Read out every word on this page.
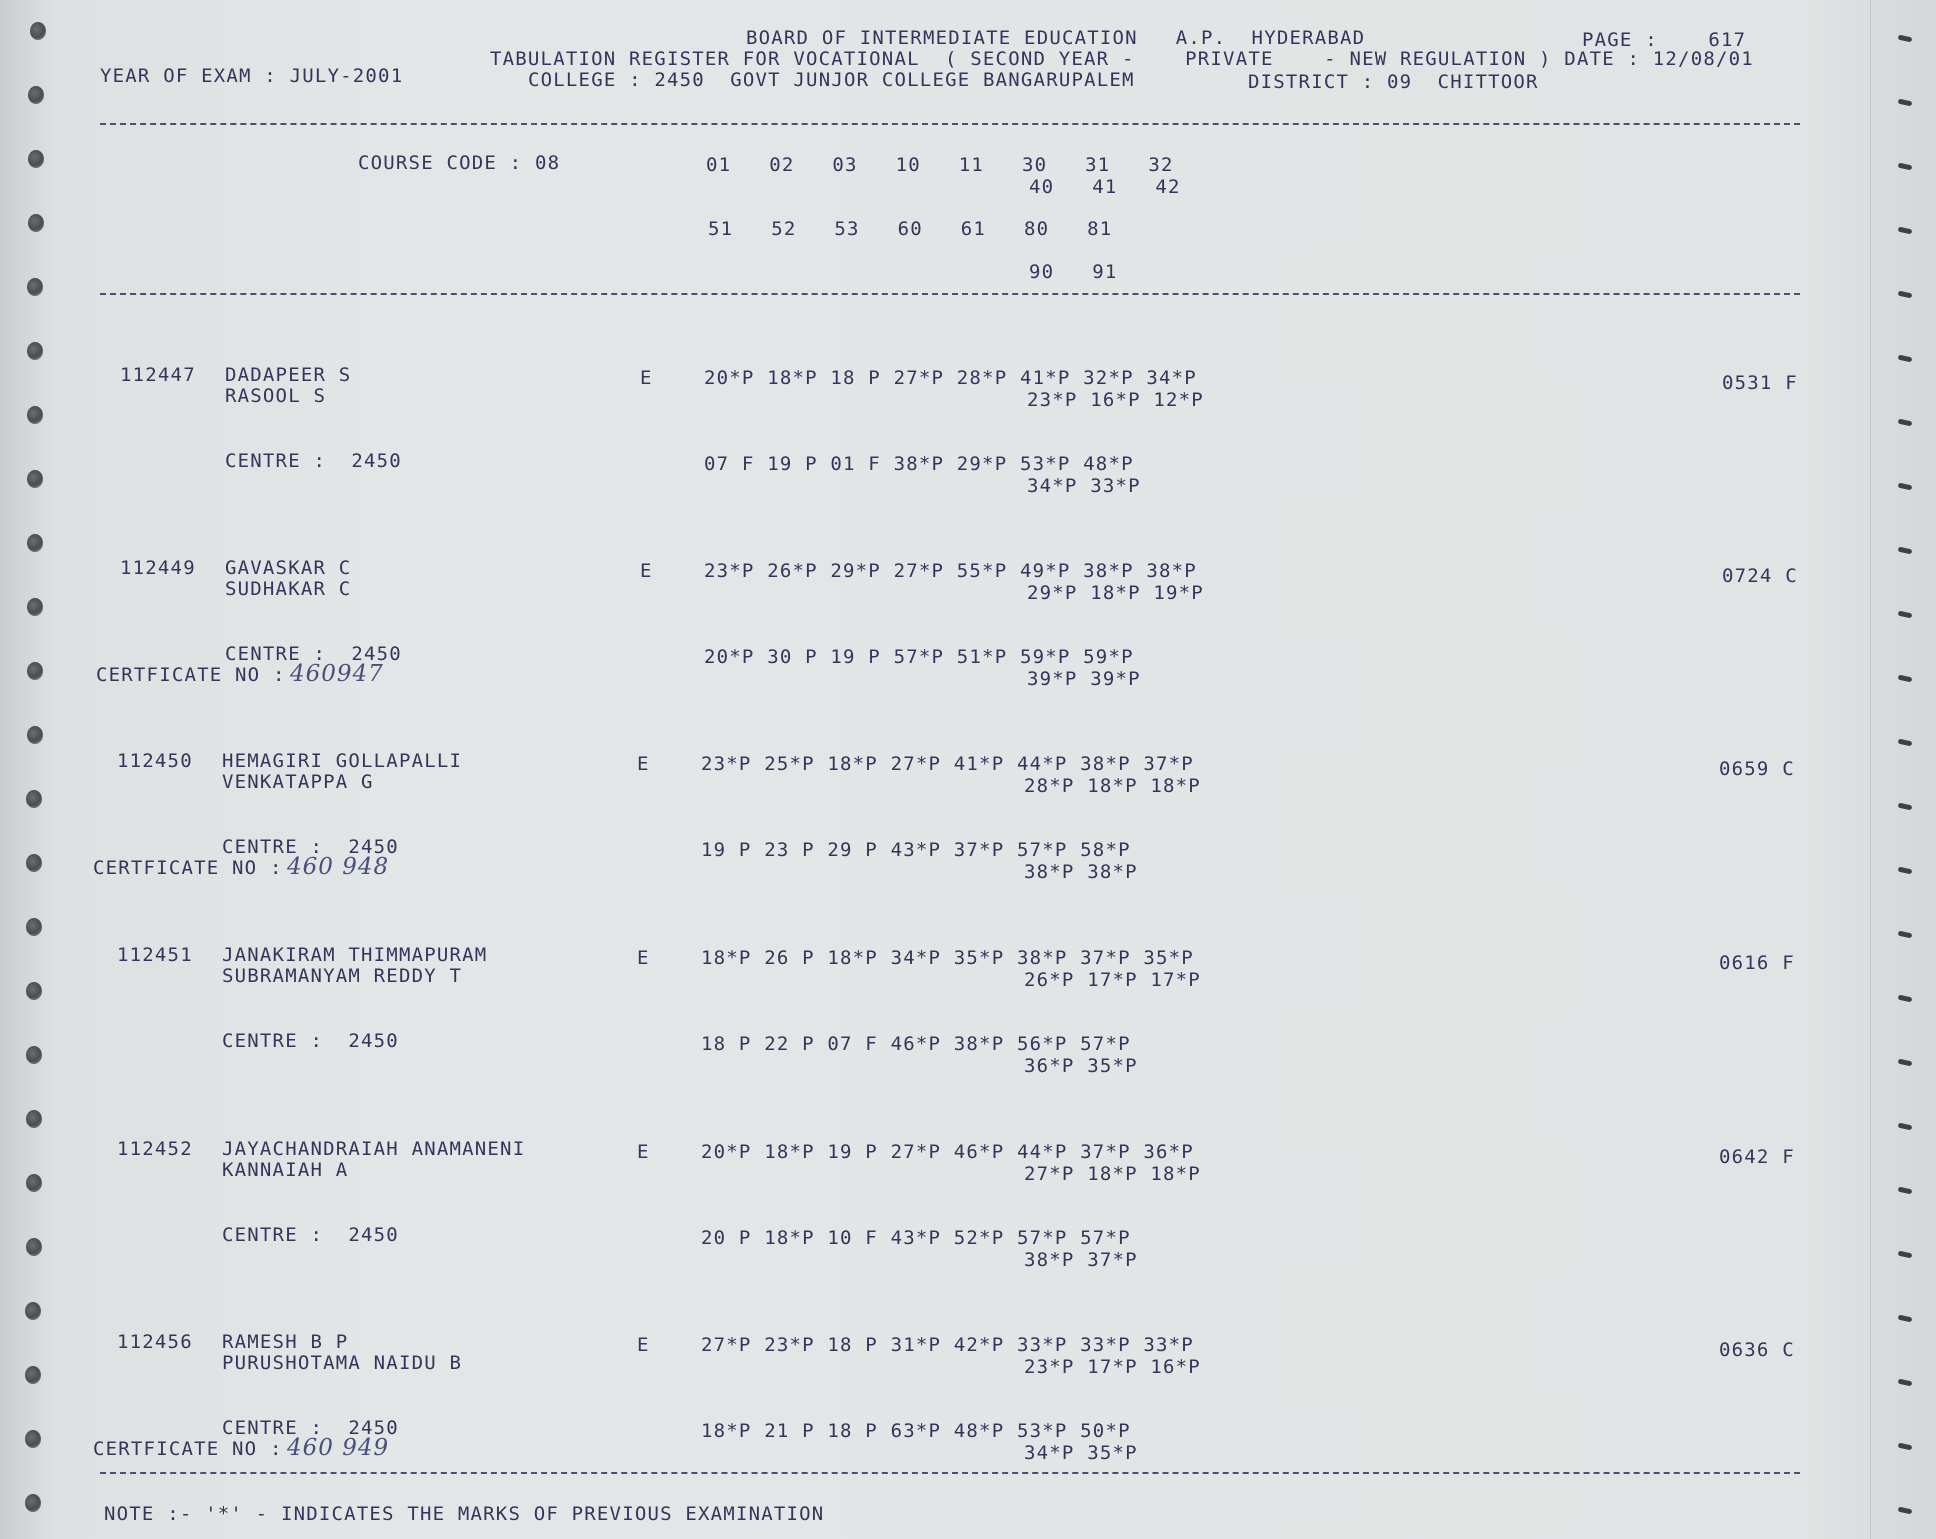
BOARD OF INTERMEDIATE EDUCATION   A.P.  HYDERABAD	PAGE :    617
TABULATION REGISTER FOR VOCATIONAL  ( SECOND YEAR -    PRIVATE    - NEW REGULATION ) DATE : 12/08/01
YEAR OF EXAM : JULY-2001	COLLEGE : 2450  GOVT JUNJOR COLLEGE BANGARUPALEM	DISTRICT : 09  CHITTOOR
COURSE CODE : 08	01   02   03   10   11   30   31   32
40   41   42
51   52   53   60   61   80   81
90   91
112447 DADAPEER S
RASOOL S
E	20*P 18*P 18 P 27*P 28*P 41*P 32*P 34*P
23*P 16*P 12*P
CENTRE :  2450	07 F 19 P 01 F 38*P 29*P 53*P 48*P
34*P 33*P
0531 F
112449 GAVASKAR C
SUDHAKAR C
E	23*P 26*P 29*P 27*P 55*P 49*P 38*P 38*P
29*P 18*P 19*P
CENTRE :  2450	20*P 30 P 19 P 57*P 51*P 59*P 59*P
39*P 39*P
0724 C
CERTFICATE NO : 460947
112450 HEMAGIRI GOLLAPALLI
VENKATAPPA G
E	23*P 25*P 18*P 27*P 41*P 44*P 38*P 37*P
28*P 18*P 18*P
CENTRE :  2450	19 P 23 P 29 P 43*P 37*P 57*P 58*P
38*P 38*P
0659 C
CERTFICATE NO : 460 948
112451 JANAKIRAM THIMMAPURAM
SUBRAMANYAM REDDY T
E	18*P 26 P 18*P 34*P 35*P 38*P 37*P 35*P
26*P 17*P 17*P
CENTRE :  2450	18 P 22 P 07 F 46*P 38*P 56*P 57*P
36*P 35*P
0616 F
112452 JAYACHANDRAIAH ANAMANENI
KANNAIAH A
E	20*P 18*P 19 P 27*P 46*P 44*P 37*P 36*P
27*P 18*P 18*P
CENTRE :  2450	20 P 18*P 10 F 43*P 52*P 57*P 57*P
38*P 37*P
0642 F
112456 RAMESH B P
PURUSHOTAMA NAIDU B
E	27*P 23*P 18 P 31*P 42*P 33*P 33*P 33*P
23*P 17*P 16*P
CENTRE :  2450	18*P 21 P 18 P 63*P 48*P 53*P 50*P
34*P 35*P
0636 C
CERTFICATE NO : 460 949
NOTE :- '*' - INDICATES THE MARKS OF PREVIOUS EXAMINATION
